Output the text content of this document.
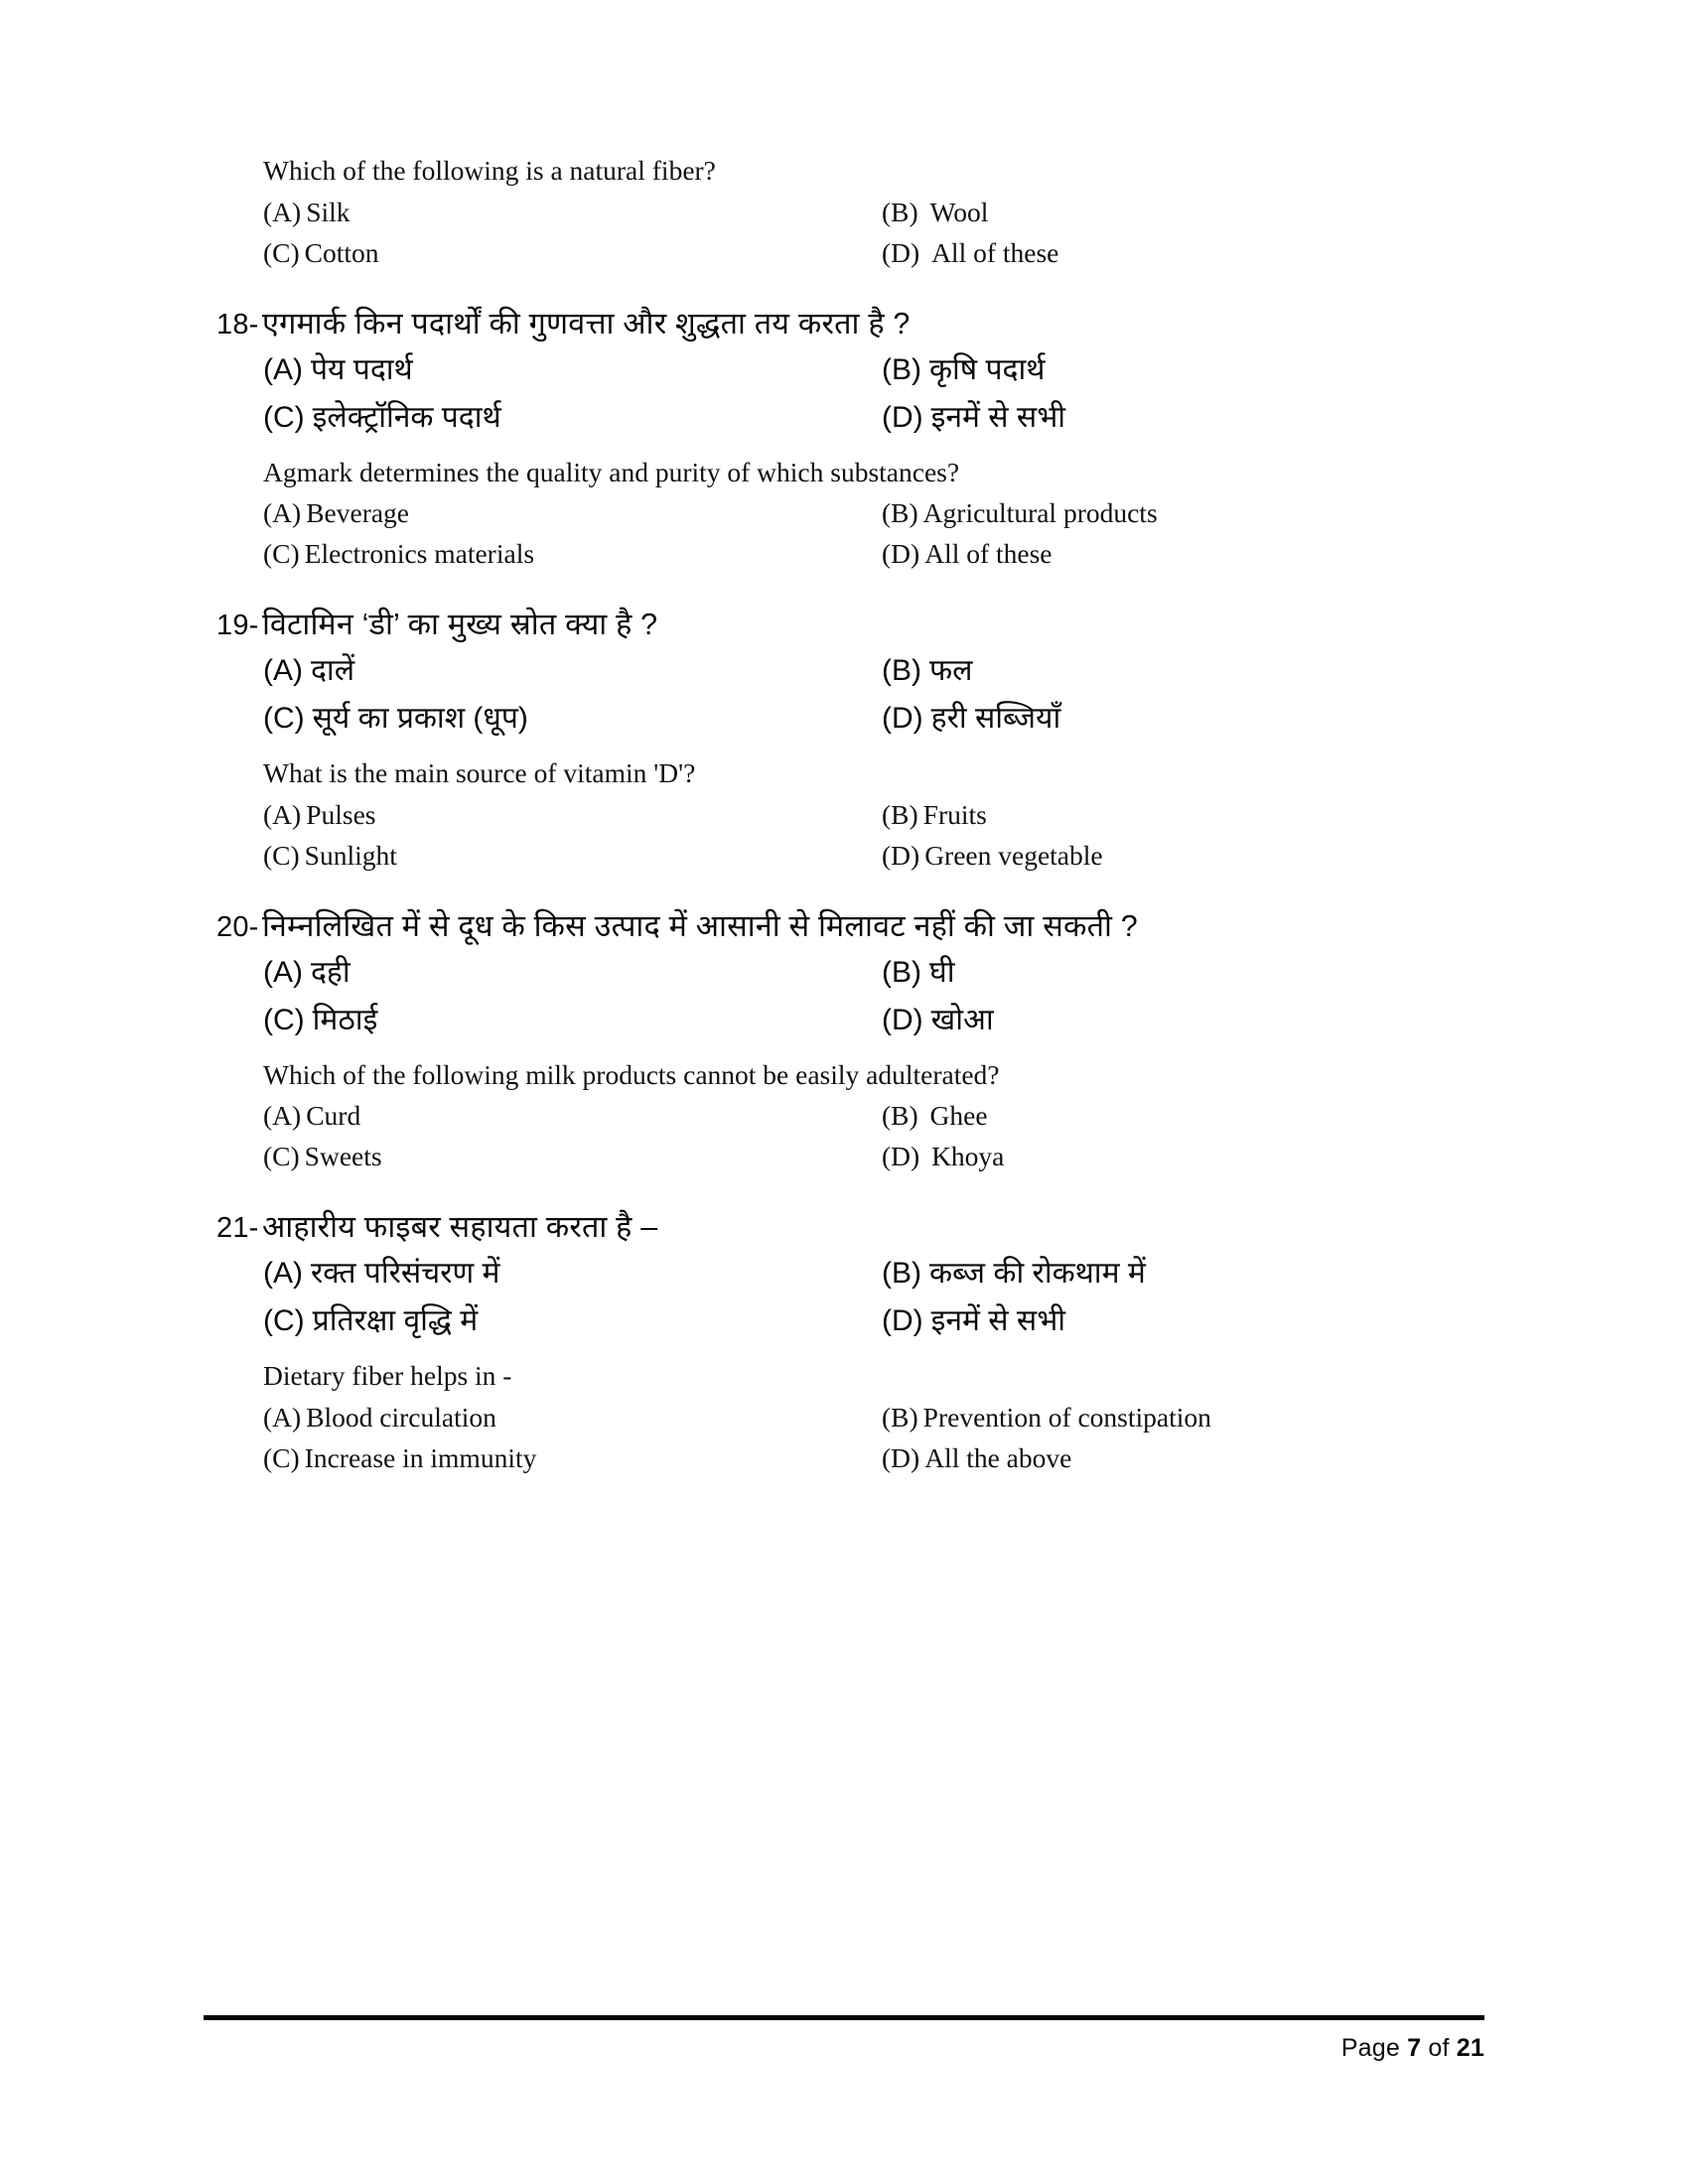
Which of the following is a natural fiber?
(A) Silk	(B) Wool
(C) Cotton	(D) All of these
18- एगमार्क किन पदार्थों की गुणवत्ता और शुद्धता तय करता है ?
(A) पेय पदार्थ	(B) कृषि पदार्थ
(C) इलेक्ट्रॉनिक पदार्थ	(D) इनमें से सभी
Agmark determines the quality and purity of which substances?
(A) Beverage	(B) Agricultural products
(C) Electronics materials	(D) All of these
19- विटामिन ‘डी’ का मुख्य स्रोत क्या है ?
(A) दालें	(B) फल
(C) सूर्य का प्रकाश (धूप)	(D) हरी सब्जियाँ
What is the main source of vitamin 'D'?
(A) Pulses	(B) Fruits
(C) Sunlight	(D) Green vegetable
20- निम्नलिखित में से दूध के किस उत्पाद में आसानी से मिलावट नहीं की जा सकती ?
(A) दही	(B) घी
(C) मिठाई	(D) खोआ
Which of the following milk products cannot be easily adulterated?
(A) Curd	(B) Ghee
(C) Sweets	(D) Khoya
21- आहारीय फाइबर सहायता करता है –
(A) रक्त परिसंचरण में	(B) कब्ज की रोकथाम में
(C) प्रतिरक्षा वृद्धि में	(D) इनमें से सभी
Dietary fiber helps in -
(A) Blood circulation	(B) Prevention of constipation
(C) Increase in immunity	(D) All the above
Page 7 of 21
